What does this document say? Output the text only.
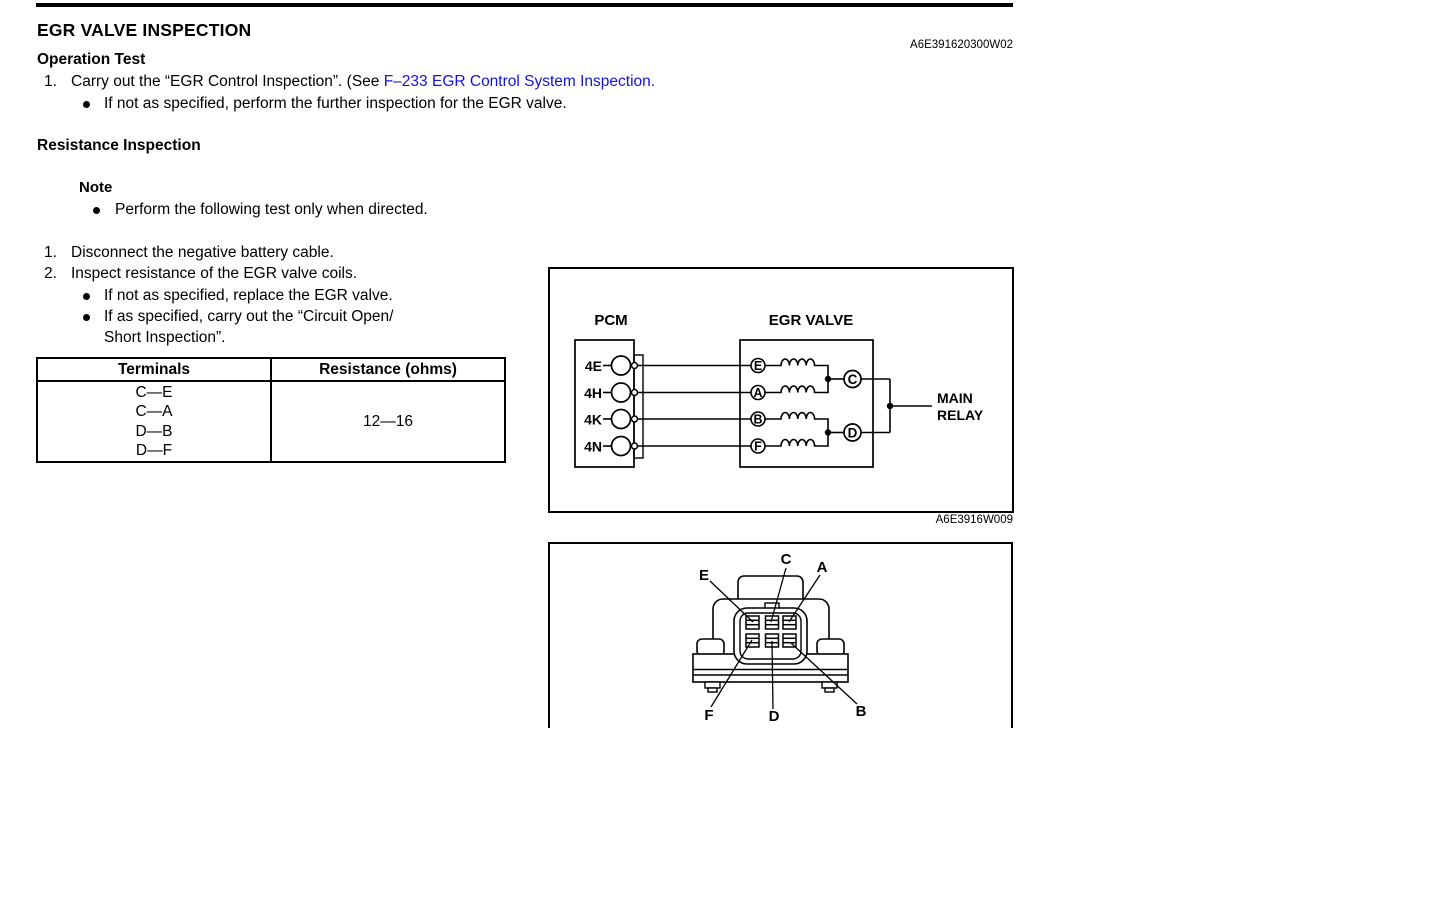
EGR VALVE INSPECTION
A6E391620300W02
Operation Test
1. Carry out the “EGR Control Inspection”. (See F–233 EGR Control System Inspection.
If not as specified, perform the further inspection for the EGR valve.
Resistance Inspection
Note
Perform the following test only when directed.
1. Disconnect the negative battery cable.
2. Inspect resistance of the EGR valve coils.
If not as specified, replace the EGR valve.
If as specified, carry out the “Circuit Open/
Short Inspection”.
Terminals	Resistance (ohms)

C—E
C—A
D—B
D—F	12—16
PCM	EGR VALVE
4E
4H
4K
4N
E
A
B
F
C
D
MAIN
RELAY
A6E3916W009
E
C A
F	D	B
